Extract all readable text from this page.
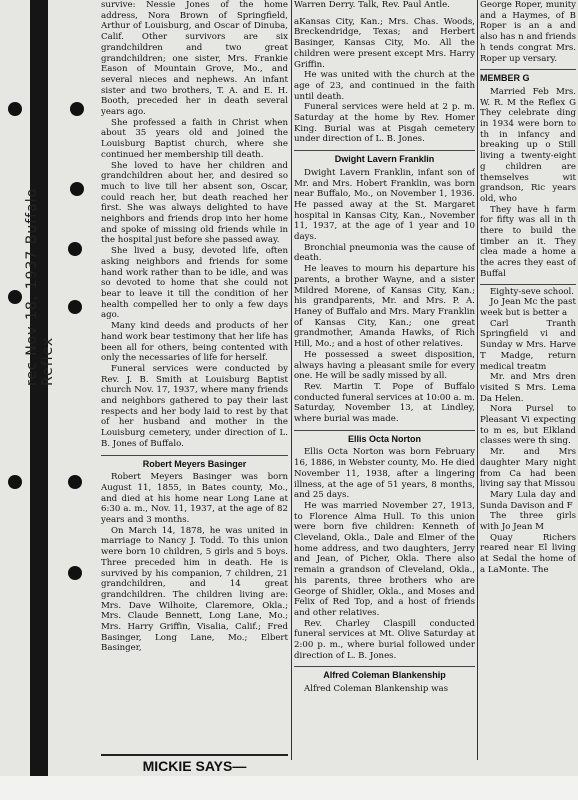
rec Nov 18, 1937 Buffalo Reflex

survive: Nessie Jones of the home address, Nora Brown of Springfield, Arthur of Louisburg, and Oscar of Dinuba, Calif. Other survivors are six grandchildren and two great grandchildren; one sister, Mrs. Frankie Eason of Mountain Grove, Mo., and several nieces and nephews. An infant sister and two brothers, T. A. and E. H. Booth, preceded her in death several years ago.

She professed a faith in Christ when about 35 years old and joined the Louisburg Baptist church, where she continued her membership till death.

She loved to have her children and grandchildren about her, and desired so much to live till her absent son, Oscar, could reach her, but death reached her first. She was always delighted to have neighbors and friends drop into her home and spoke of missing old friends while in the hospital just before she passed away.

She lived a busy, devoted life, often asking neighbors and friends for some hand work rather than to be idle, and was so devoted to home that she could not bear to leave it till the condition of her health compelled her to only a few days ago.

Many kind deeds and products of her hand work bear testimony that her life has been all for others, being contented with only the necessaries of life for herself.

Funeral services were conducted by Rev. J. B. Smith at Louisburg Baptist church Nov. 17, 1937, where many friends and neighbors gathered to pay their last respects and her body laid to rest by that of her husband and mother in the Louisburg cemetery, under direction of L. B. Jones of Buffalo.

Robert Meyers Basinger

Robert Meyers Basinger was born August 11, 1855, in Bates county, Mo., and died at his home near Long Lane at 6:30 a. m., Nov. 11, 1937, at the age of 82 years and 3 months.

On March 14, 1878, he was united in marriage to Nancy J. Todd. To this union were born 10 children, 5 girls and 5 boys. Three preceded him in death. He is survived by his companion, 7 children, 21 grandchildren, and 14 great grandchildren. The children living are: Mrs. Dave Wilhoite, Claremore, Okla.; Mrs. Claude Bennett, Long Lane, Mo.; Mrs. Harry Griffin, Visalia, Calif.; Fred Basinger, Long Lane, Mo.; Elbert Basinger,

MICKIE SAYS—

Warren Derry. Talk, Rev. Paul Antle.

aKansas City, Kan.; Mrs. Chas. Woods, Breckendridge, Texas; and Herbert Basinger, Kansas City, Mo. All the children were present except Mrs. Harry Griffin.

He was united with the church at the age of 23, and continued in the faith until death.

Funeral services were held at 2 p. m. Saturday at the home by Rev. Homer King. Burial was at Pisgah cemetery under direction of L. B. Jones.

Dwight Lavern Franklin

Dwight Lavern Franklin, infant son of Mr. and Mrs. Hobert Franklin, was born near Buffalo, Mo., on November 1, 1936. He passed away at the St. Margaret hospital in Kansas City, Kan., November 11, 1937, at the age of 1 year and 10 days.

Bronchial pneumonia was the cause of death.

He leaves to mourn his departure his parents, a brother Wayne, and a sister Mildred Morene, of Kansas City, Kan.; his grandparents, Mr. and Mrs. P. A. Haney of Buffalo and Mrs. Mary Franklin of Kansas City, Kan.; one great grandmother, Amanda Hawks, of Rich Hill, Mo.; and a host of other relatives.

He possessed a sweet disposition, always having a pleasant smile for every one. He will be sadly missed by all.

Rev. Martin T. Pope of Buffalo conducted funeral services at 10:00 a. m. Saturday, November 13, at Lindley, where burial was made.

Ellis Octa Norton

Ellis Octa Norton was born February 16, 1886, in Webster county, Mo. He died November 11, 1938, after a lingering illness, at the age of 51 years, 8 months, and 25 days.

He was married November 27, 1913, to Florence Alma Hull. To this union were born five children: Kenneth of Cleveland, Okla., Dale and Elmer of the home address, and two daughters, Jerry and Jean, of Picher, Okla. There also remain a grandson of Cleveland, Okla., his parents, three brothers who are George of Shidler, Okla., and Moses and Felix of Red Top, and a host of friends and other relatives.

Rev. Charley Claspill conducted funeral services at Mt. Olive Saturday at 2:00 p. m., where burial followed under direction of L. B. Jones.

Alfred Coleman Blankenship

Alfred Coleman Blankenship was

George Roper, munity and a Haymes, of B Roper is an a and also has n and friends h tends congrat Mrs. Roper up versary.

MEMBER G

Married Feb Mrs. W. R. M the Reflex G They celebrate ding in 1934 were born to th in infancy and breaking up o Still living a twenty-eight g children are themselves wit grandson, Ric years old, who

They have h farm for fifty was all in th there to build the timber an it. They clea made a home a the acres they east of Buffal

Eighty-seve school.

Jo Jean Mc the past week but is better a

Carl Tranth Springfield vi and Sunday w Mrs. Harve T Madge, return medical treatm

Mr. and Mrs dren visited S Mrs. Lema Da Helen.

Nora Pursel to Pleasant Vi expecting to m es, but Elkland classes were th sing.

Mr. and Mrs daughter Mary night from Ca had been living say that Missou

Mary Lula day and Sunda Davison and F

The three girls with Jo Jean M

Quay Richers reared near El living at Sedal the home of a LaMonte. The
